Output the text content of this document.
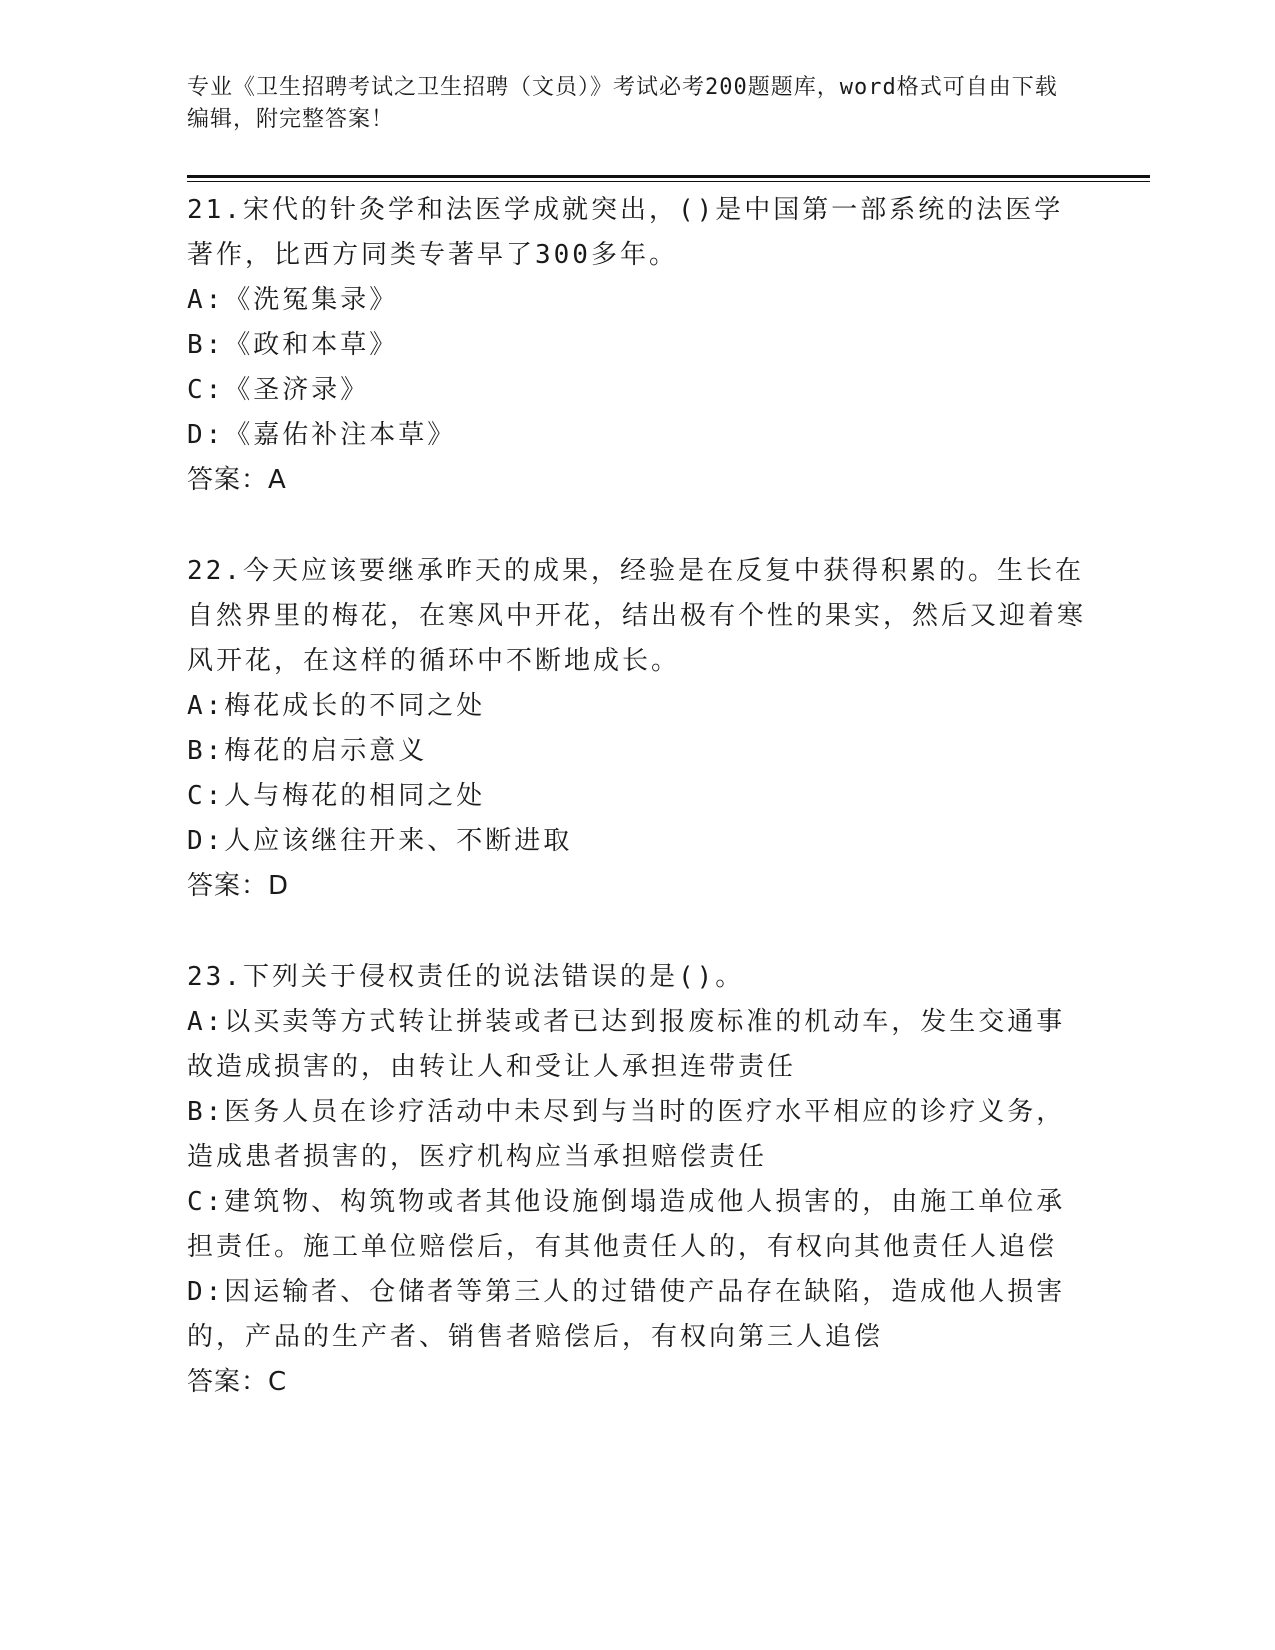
专业《卫生招聘考试之卫生招聘（文员）》考试必考200题题库，word格式可自由下载编辑，附完整答案！
21.宋代的针灸学和法医学成就突出，()是中国第一部系统的法医学著作，比西方同类专著早了300多年。
A:《洗冤集录》
B:《政和本草》
C:《圣济录》
D:《嘉佑补注本草》
答案：A
22.今天应该要继承昨天的成果，经验是在反复中获得积累的。生长在自然界里的梅花，在寒风中开花，结出极有个性的果实，然后又迎着寒风开花，在这样的循环中不断地成长。
A:梅花成长的不同之处
B:梅花的启示意义
C:人与梅花的相同之处
D:人应该继往开来、不断进取
答案：D
23.下列关于侵权责任的说法错误的是()。
A:以买卖等方式转让拼装或者已达到报废标准的机动车，发生交通事故造成损害的，由转让人和受让人承担连带责任
B:医务人员在诊疗活动中未尽到与当时的医疗水平相应的诊疗义务，造成患者损害的，医疗机构应当承担赔偿责任
C:建筑物、构筑物或者其他设施倒塌造成他人损害的，由施工单位承担责任。施工单位赔偿后，有其他责任人的，有权向其他责任人追偿
D:因运输者、仓储者等第三人的过错使产品存在缺陷，造成他人损害的，产品的生产者、销售者赔偿后，有权向第三人追偿
答案：C
